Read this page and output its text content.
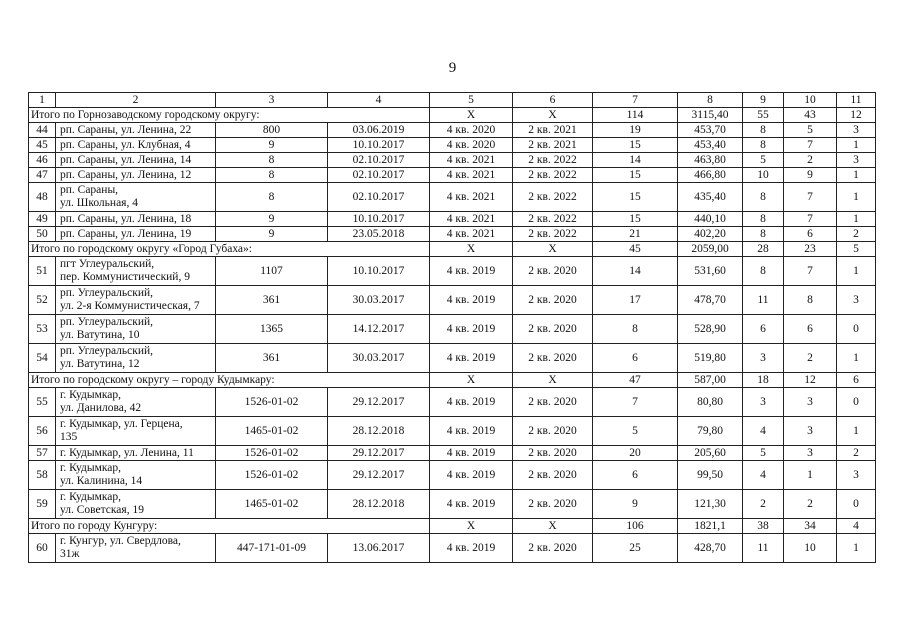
9
1	2	3	4	5	6	7	8	9	10	11
Итого по Горнозаводскому городскому округу:				X	X	114	3115,40	55	43	12
44	рп. Сараны, ул. Ленина, 22	800	03.06.2019	4 кв. 2020	2 кв. 2021	19	453,70	8	5	3
45	рп. Сараны, ул. Клубная, 4	9	10.10.2017	4 кв. 2020	2 кв. 2021	15	453,40	8	7	1
46	рп. Сараны, ул. Ленина, 14	8	02.10.2017	4 кв. 2021	2 кв. 2022	14	463,80	5	2	3
47	рп. Сараны, ул. Ленина, 12	8	02.10.2017	4 кв. 2021	2 кв. 2022	15	466,80	10	9	1
48	рп. Сараны,
ул. Школьная, 4	8	02.10.2017	4 кв. 2021	2 кв. 2022	15	435,40	8	7	1
49	рп. Сараны, ул. Ленина, 18	9	10.10.2017	4 кв. 2021	2 кв. 2022	15	440,10	8	7	1
50	рп. Сараны, ул. Ленина, 19	9	23.05.2018	4 кв. 2021	2 кв. 2022	21	402,20	8	6	2
Итого по городскому округу «Город Губаха»:				X	X	45	2059,00	28	23	5
51	пгт Углеуральский,
пер. Коммунистический, 9	1107	10.10.2017	4 кв. 2019	2 кв. 2020	14	531,60	8	7	1
52	рп. Углеуральский,
ул. 2-я Коммунистическая, 7	361	30.03.2017	4 кв. 2019	2 кв. 2020	17	478,70	11	8	3
53	рп. Углеуральский,
ул. Ватутина, 10	1365	14.12.2017	4 кв. 2019	2 кв. 2020	8	528,90	6	6	0
54	рп. Углеуральский,
ул. Ватутина, 12	361	30.03.2017	4 кв. 2019	2 кв. 2020	6	519,80	3	2	1
Итого по городскому округу – городу Кудымкару:				X	X	47	587,00	18	12	6
55	г. Кудымкар,
ул. Данилова, 42	1526-01-02	29.12.2017	4 кв. 2019	2 кв. 2020	7	80,80	3	3	0
56	г. Кудымкар, ул. Герцена,
135	1465-01-02	28.12.2018	4 кв. 2019	2 кв. 2020	5	79,80	4	3	1
57	г. Кудымкар, ул. Ленина, 11	1526-01-02	29.12.2017	4 кв. 2019	2 кв. 2020	20	205,60	5	3	2
58	г. Кудымкар,
ул. Калинина, 14	1526-01-02	29.12.2017	4 кв. 2019	2 кв. 2020	6	99,50	4	1	3
59	г. Кудымкар,
ул. Советская, 19	1465-01-02	28.12.2018	4 кв. 2019	2 кв. 2020	9	121,30	2	2	0
Итого по городу Кунгуру:				X	X	106	1821,1	38	34	4
60	г. Кунгур, ул. Свердлова,
31ж	447-171-01-09	13.06.2017	4 кв. 2019	2 кв. 2020	25	428,70	11	10	1
